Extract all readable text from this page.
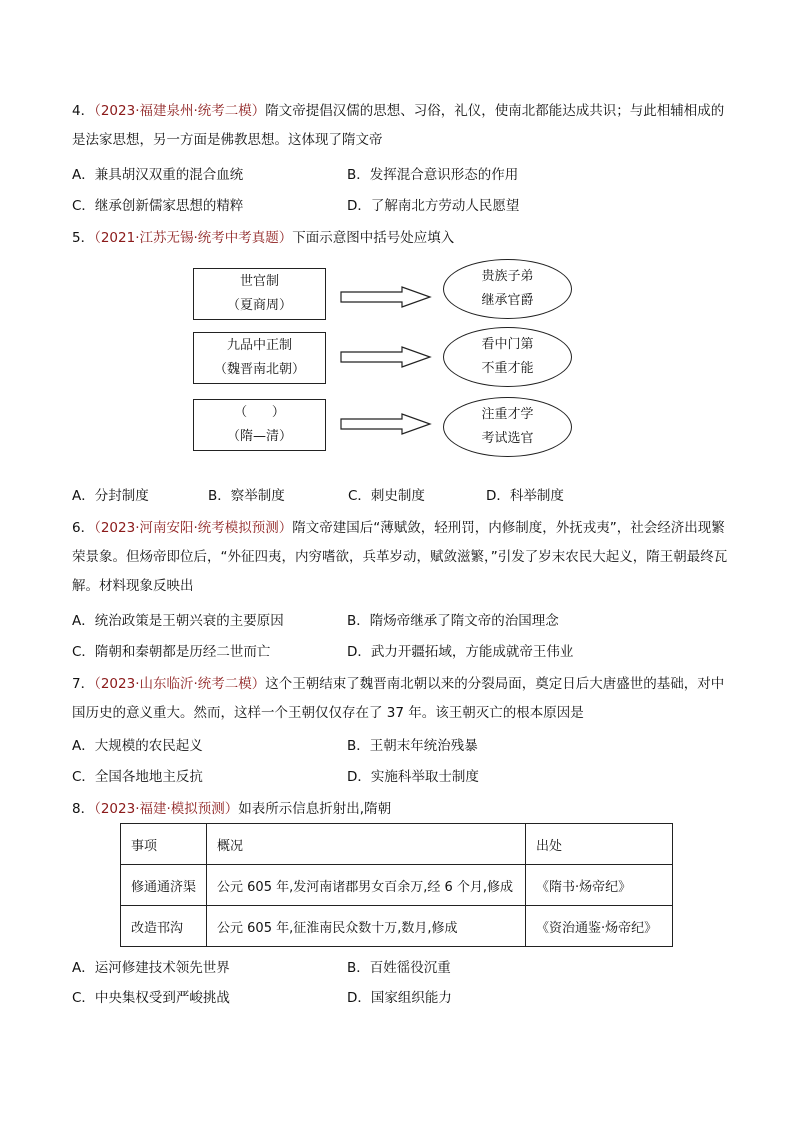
4．（2023·福建泉州·统考二模）隋文帝提倡汉儒的思想、习俗，礼仪，使南北都能达成共识；与此相辅相成的是法家思想，另一方面是佛教思想。这体现了隋文帝
A．兼具胡汉双重的混合血统	B．发挥混合意识形态的作用
C．继承创新儒家思想的精粹	D．了解南北方劳动人民愿望
5．（2021·江苏无锡·统考中考真题）下面示意图中括号处应填入
世官制
（夏商周）
贵族子弟
继承官爵
九品中正制
（魏晋南北朝）
看中门第
不重才能
（      ）
（隋—清）
注重才学
考试选官
A．分封制度	B．察举制度	C．刺史制度	D．科举制度
6．（2023·河南安阳·统考模拟预测）隋文帝建国后“薄赋敛，轻刑罚，内修制度，外抚戎夷”，社会经济出现繁荣景象。但炀帝即位后，“外征四夷，内穷嗜欲，兵革岁动，赋敛滋繁，”引发了岁末农民大起义，隋王朝最终瓦解。材料现象反映出
A．统治政策是王朝兴衰的主要原因	B．隋炀帝继承了隋文帝的治国理念
C．隋朝和秦朝都是历经二世而亡	D．武力开疆拓域，方能成就帝王伟业
7．（2023·山东临沂·统考二模）这个王朝结束了魏晋南北朝以来的分裂局面，奠定日后大唐盛世的基础，对中国历史的意义重大。然而，这样一个王朝仅仅存在了 37 年。该王朝灭亡的根本原因是
A．大规模的农民起义	B．王朝末年统治残暴
C．全国各地地主反抗	D．实施科举取士制度
8．（2023·福建·模拟预测）如表所示信息折射出,隋朝
事项	概况	出处
修通通济渠	公元 605 年,发河南诸郡男女百余万,经 6 个月,修成	《隋书·炀帝纪》
改造邗沟	公元 605 年,征淮南民众数十万,数月,修成	《资治通鉴·炀帝纪》
A．运河修建技术领先世界	B．百姓徭役沉重
C．中央集权受到严峻挑战	D．国家组织能力
